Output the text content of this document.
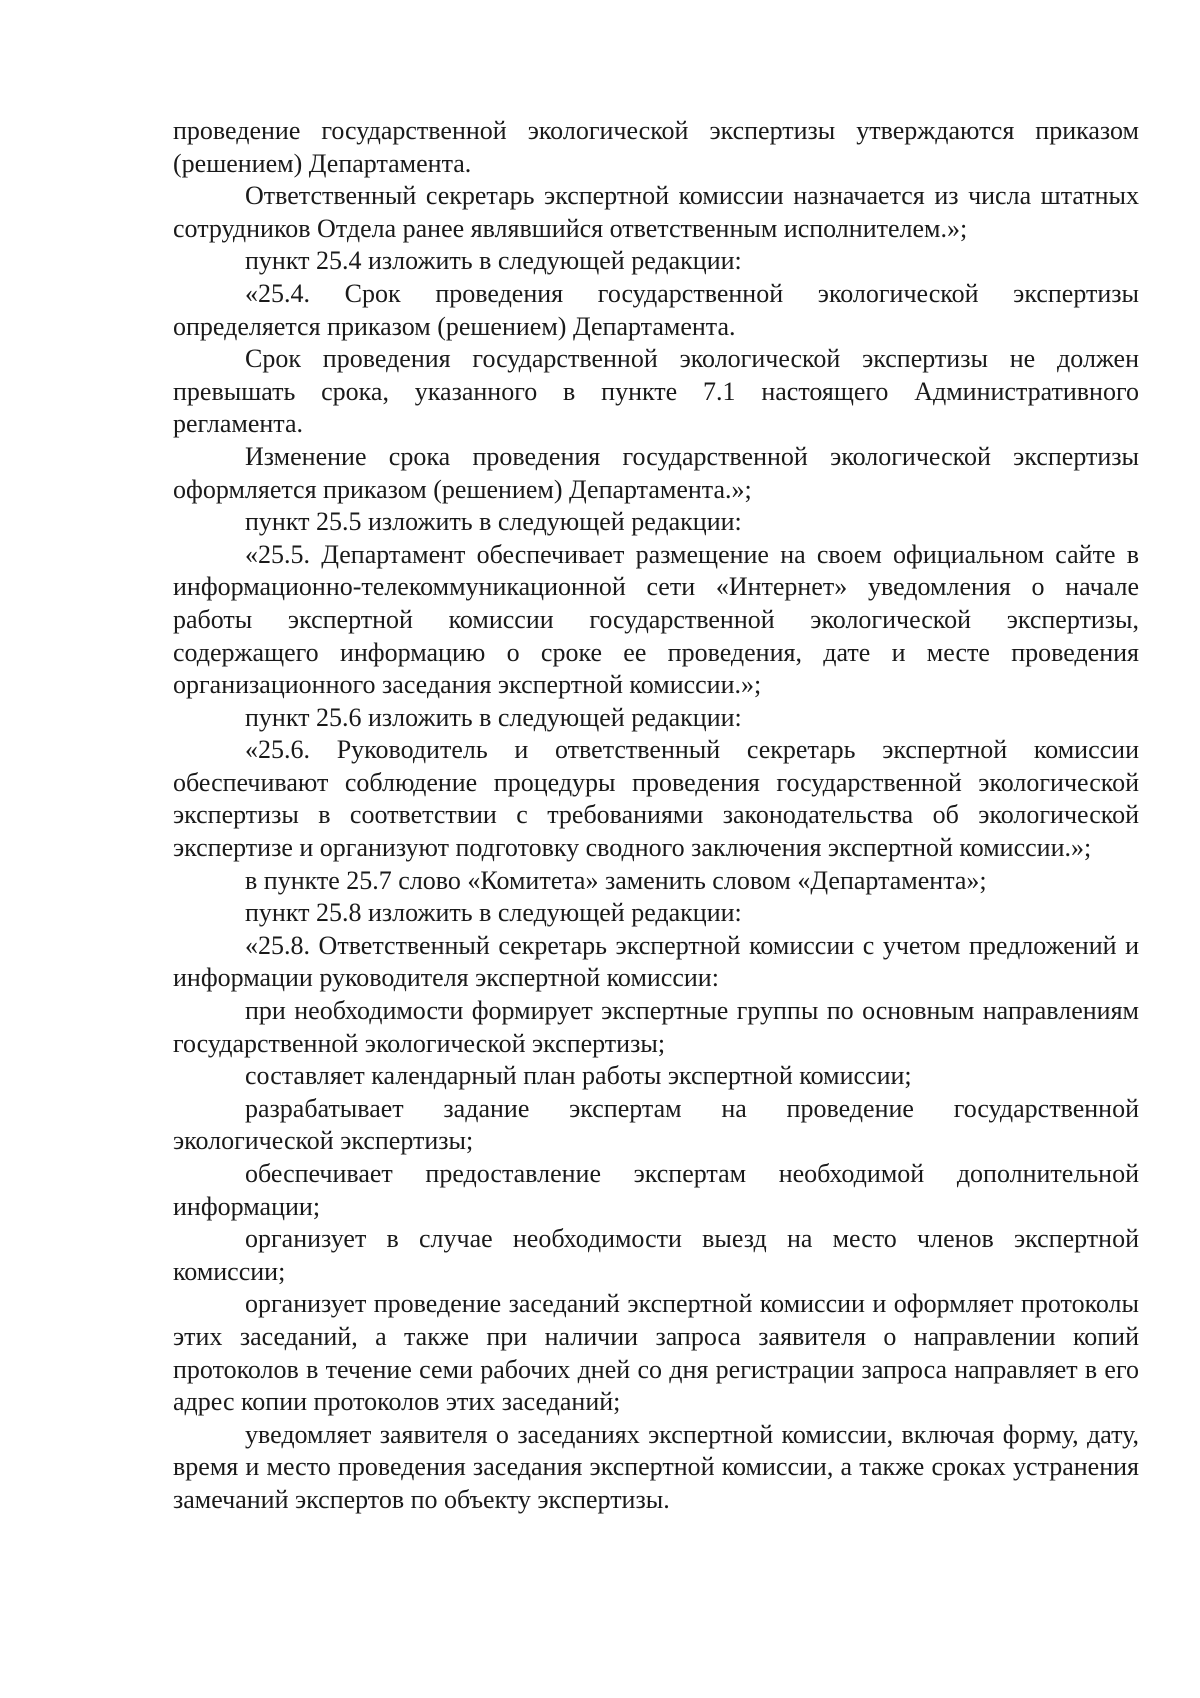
проведение государственной экологической экспертизы утверждаются приказом (решением) Департамента.

Ответственный секретарь экспертной комиссии назначается из числа штатных сотрудников Отдела ранее являвшийся ответственным исполнителем.»;

пункт 25.4 изложить в следующей редакции:

«25.4. Срок проведения государственной экологической экспертизы определяется приказом (решением) Департамента.

Срок проведения государственной экологической экспертизы не должен превышать срока, указанного в пункте 7.1 настоящего Административного регламента.

Изменение срока проведения государственной экологической экспертизы оформляется приказом (решением) Департамента.»;

пункт 25.5 изложить в следующей редакции:

«25.5. Департамент обеспечивает размещение на своем официальном сайте в информационно-телекоммуникационной сети «Интернет» уведомления о начале работы экспертной комиссии государственной экологической экспертизы, содержащего информацию о сроке ее проведения, дате и месте проведения организационного заседания экспертной комиссии.»;

пункт 25.6 изложить в следующей редакции:

«25.6. Руководитель и ответственный секретарь экспертной комиссии обеспечивают соблюдение процедуры проведения государственной экологической экспертизы в соответствии с требованиями законодательства об экологической экспертизе и организуют подготовку сводного заключения экспертной комиссии.»;

в пункте 25.7 слово «Комитета» заменить словом «Департамента»;

пункт 25.8 изложить в следующей редакции:

«25.8. Ответственный секретарь экспертной комиссии с учетом предложений и информации руководителя экспертной комиссии:

при необходимости формирует экспертные группы по основным направлениям государственной экологической экспертизы;

составляет календарный план работы экспертной комиссии;

разрабатывает задание экспертам на проведение государственной экологической экспертизы;

обеспечивает предоставление экспертам необходимой дополнительной информации;

организует в случае необходимости выезд на место членов экспертной комиссии;

организует проведение заседаний экспертной комиссии и оформляет протоколы этих заседаний, а также при наличии запроса заявителя о направлении копий протоколов в течение семи рабочих дней со дня регистрации запроса направляет в его адрес копии протоколов этих заседаний;

уведомляет заявителя о заседаниях экспертной комиссии, включая форму, дату, время и место проведения заседания экспертной комиссии, а также сроках устранения замечаний экспертов по объекту экспертизы.
